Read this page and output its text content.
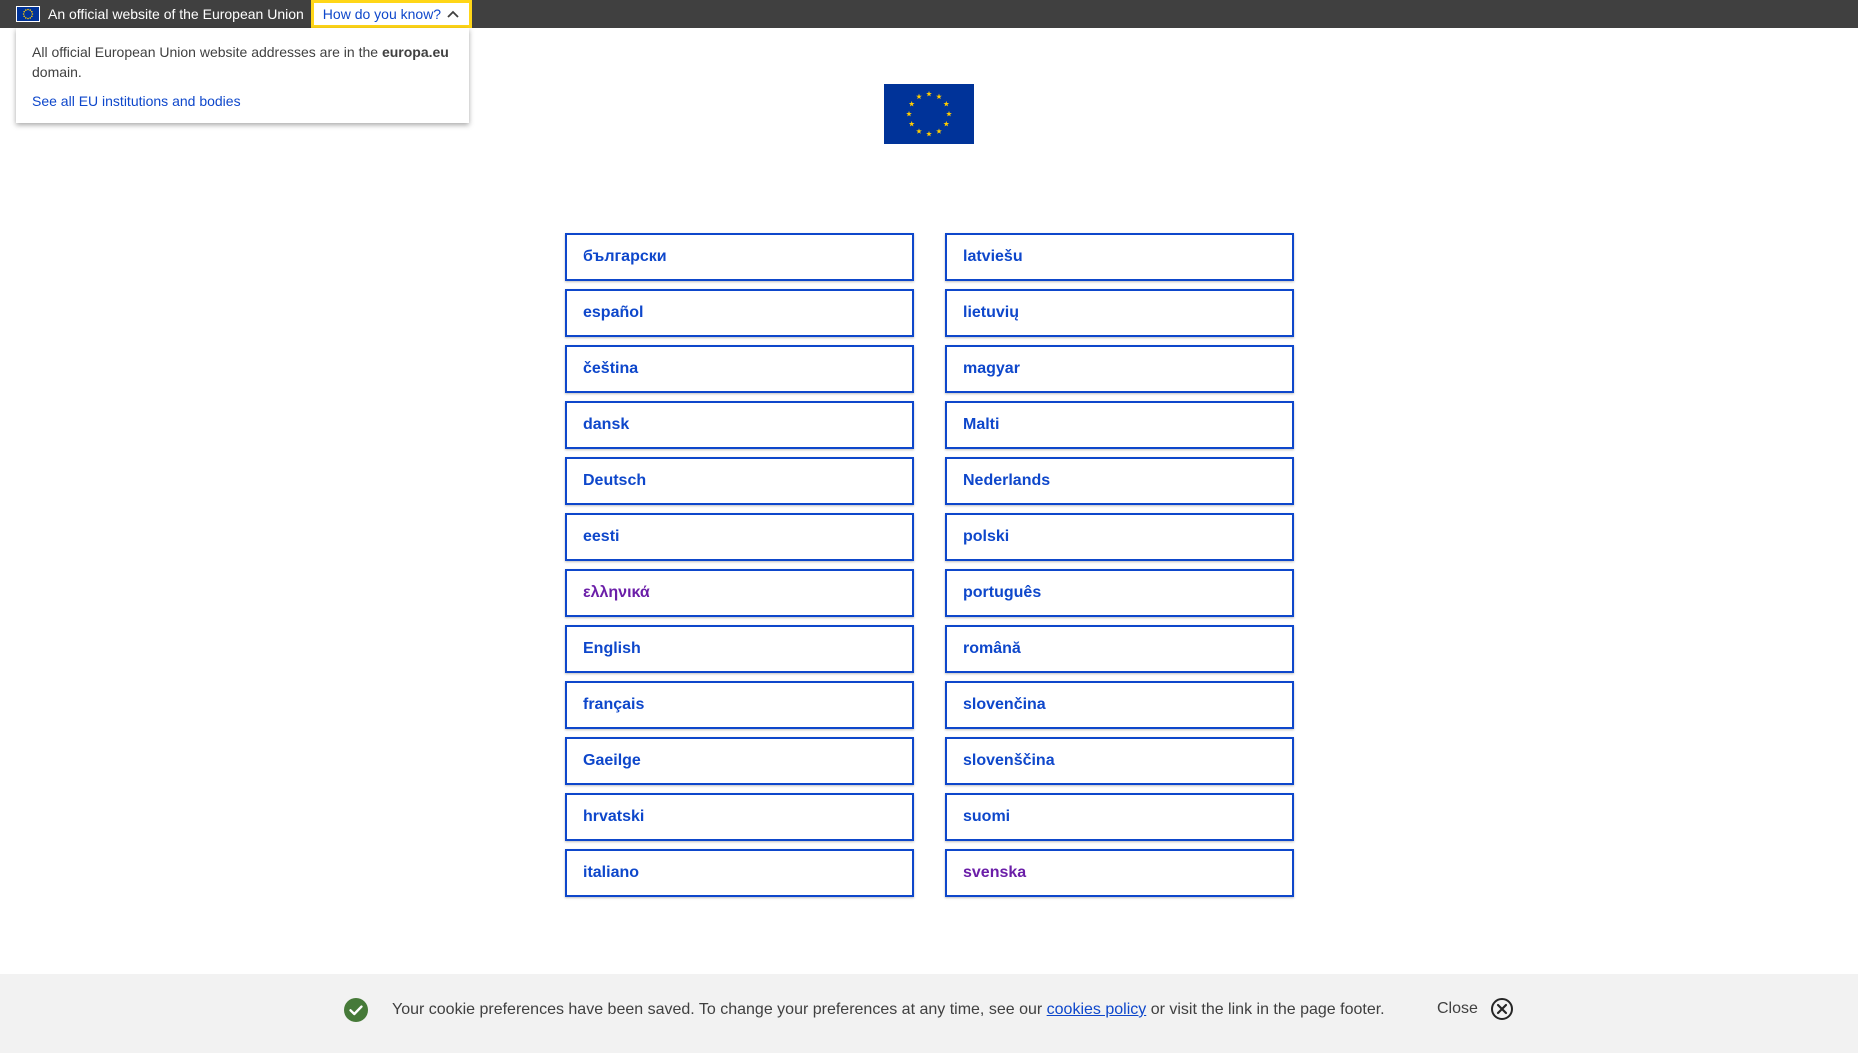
An official website of the European Union How do you know?
All official European Union website addresses are in the europa.eu domain.
See all EU institutions and bodies
български
español
čeština
dansk
Deutsch
eesti
ελληνικά
English
français
Gaeilge
hrvatski
italiano
latviešu
lietuvių
magyar
Malti
Nederlands
polski
português
română
slovenčina
slovenščina
suomi
svenska
Your cookie preferences have been saved. To change your preferences at any time, see our cookies policy or visit the link in the page footer.	Close
